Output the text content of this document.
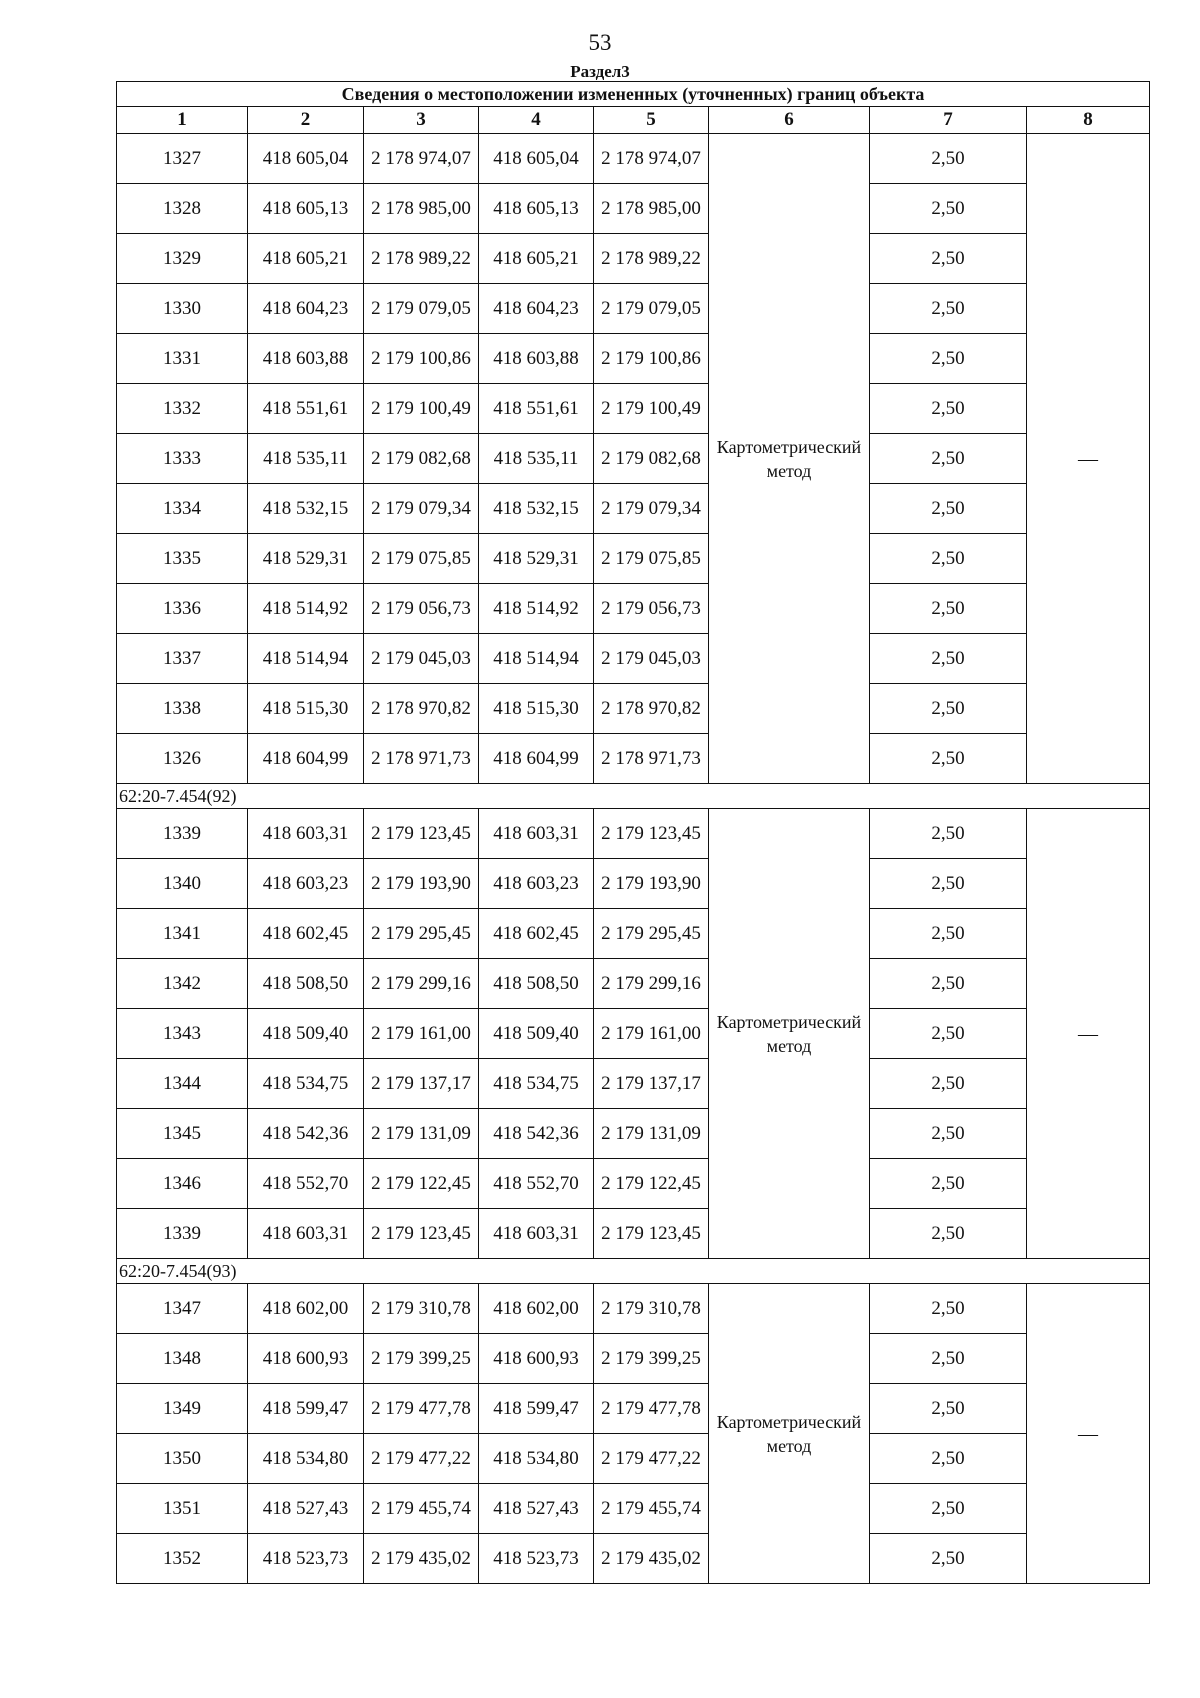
53
Раздел3
Сведения о местоположении измененных (уточненных) границ объекта							
1	2	3	4	5	6	7	8
1327	418 605,04	2 178 974,07	418 605,04	2 178 974,07	Картометрический метод	2,50	—
1328	418 605,13	2 178 985,00	418 605,13	2 178 985,00		2,50	
1329	418 605,21	2 178 989,22	418 605,21	2 178 989,22		2,50	
1330	418 604,23	2 179 079,05	418 604,23	2 179 079,05		2,50	
1331	418 603,88	2 179 100,86	418 603,88	2 179 100,86		2,50	
1332	418 551,61	2 179 100,49	418 551,61	2 179 100,49		2,50	
1333	418 535,11	2 179 082,68	418 535,11	2 179 082,68		2,50	
1334	418 532,15	2 179 079,34	418 532,15	2 179 079,34		2,50	
1335	418 529,31	2 179 075,85	418 529,31	2 179 075,85		2,50	
1336	418 514,92	2 179 056,73	418 514,92	2 179 056,73		2,50	
1337	418 514,94	2 179 045,03	418 514,94	2 179 045,03		2,50	
1338	418 515,30	2 178 970,82	418 515,30	2 178 970,82		2,50	
1326	418 604,99	2 178 971,73	418 604,99	2 178 971,73		2,50	
62:20-7.454(92)							
1339	418 603,31	2 179 123,45	418 603,31	2 179 123,45	Картометрический метод	2,50	—
1340	418 603,23	2 179 193,90	418 603,23	2 179 193,90		2,50	
1341	418 602,45	2 179 295,45	418 602,45	2 179 295,45		2,50	
1342	418 508,50	2 179 299,16	418 508,50	2 179 299,16		2,50	
1343	418 509,40	2 179 161,00	418 509,40	2 179 161,00		2,50	
1344	418 534,75	2 179 137,17	418 534,75	2 179 137,17		2,50	
1345	418 542,36	2 179 131,09	418 542,36	2 179 131,09		2,50	
1346	418 552,70	2 179 122,45	418 552,70	2 179 122,45		2,50	
1339	418 603,31	2 179 123,45	418 603,31	2 179 123,45		2,50	
62:20-7.454(93)							
1347	418 602,00	2 179 310,78	418 602,00	2 179 310,78	Картометрический метод	2,50	—
1348	418 600,93	2 179 399,25	418 600,93	2 179 399,25		2,50	
1349	418 599,47	2 179 477,78	418 599,47	2 179 477,78		2,50	
1350	418 534,80	2 179 477,22	418 534,80	2 179 477,22		2,50	
1351	418 527,43	2 179 455,74	418 527,43	2 179 455,74		2,50	
1352	418 523,73	2 179 435,02	418 523,73	2 179 435,02		2,50	
